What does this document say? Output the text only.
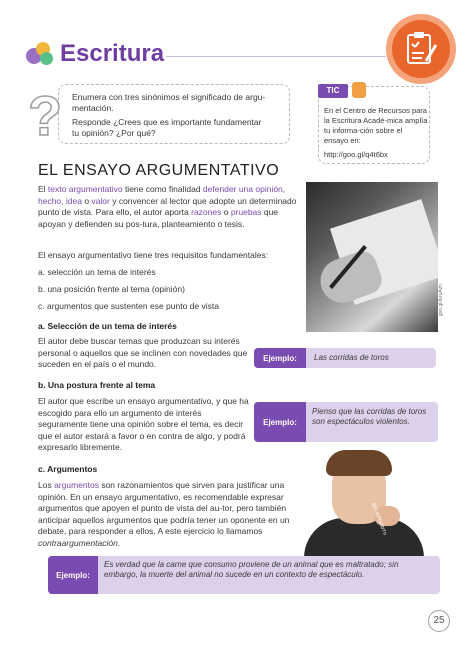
Escritura
? Enumera con tres sinónimos el significado de argu-
mentación.
Responde ¿Crees que es importante fundamentar
tu opinión? ¿Por qué?
TIC
En el Centro de Recursos para la Escritura Acadé-mica amplía tu informa-ción sobre el ensayo en:
http://goo.gl/q4t6bx
EL ENSAYO ARGUMENTATIVO
goo.gl/AzuAzh
El texto argumentativo tiene como finalidad defender una opinión, hecho, idea o valor y convencer al lector que adopte un determinado punto de vista. Para ello, el autor aporta razones o pruebas que apoyan y defienden su pos-tura, planteamiento o tesis.
El ensayo argumentativo tiene tres requisitos fundamentales:
a. selección un tema de interés
b. una posición frente al tema (opinión)
c. argumentos que sustenten ese punto de vista
a. Selección de un tema de interés
El autor debe buscar temas que produzcan su interés personal o aquellos que se inclinen con novedades que suceden en el país o el mundo.
Ejemplo:	Las corridas de toros
b. Una postura frente al tema
El autor que escribe un ensayo argumentativo, y que ha escogido para ello un argumento de interés seguramente tiene una opinión sobre el tema, es decir que el autor estará a favor o en contra de algo, y podrá expresarlo libremente.
Ejemplo:
Pienso que las corridas de toros son espectáculos violentos.
c. Argumentos
Los argumentos son razonamientos que sirven para justificar una opinión. En un ensayo argumentativo, es recomendable expresar argumentos que apoyen el punto de vista del au-tor, pero también anticipar aquellos argumentos que podría tener un oponente en un debate, para responder a ellos. A este ejercicio lo llamamos contraargumentación.
goo.gl/NaNbYn
Ejemplo:
Es verdad que la carne que consumo proviene de un animal que es maltratado; sin embargo, la muerte del animal no sucede en un contexto de espectáculo.
25
